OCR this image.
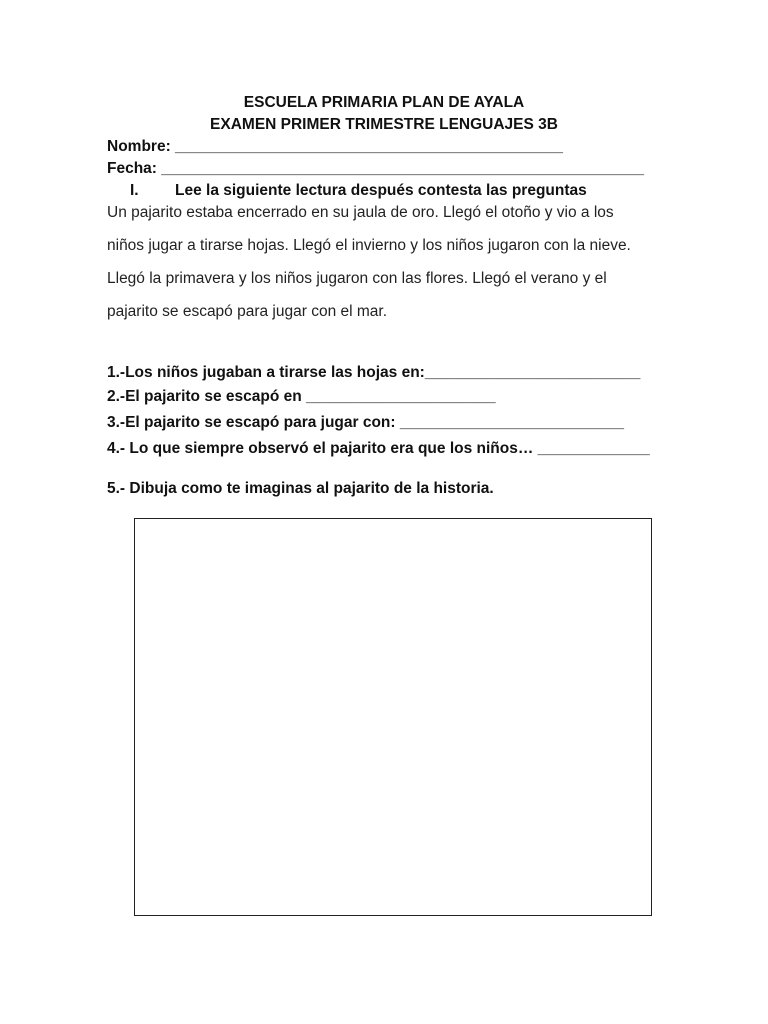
ESCUELA PRIMARIA PLAN DE AYALA
EXAMEN PRIMER TRIMESTRE LENGUAJES 3B
Nombre: _____________________________________________
Fecha: ________________________________________________________
I. Lee la siguiente lectura después contesta las preguntas
Un pajarito estaba encerrado en su jaula de oro. Llegó el otoño y vio a los
niños jugar a tirarse hojas. Llegó el invierno y los niños jugaron con la nieve.
Llegó la primavera y los niños jugaron con las flores. Llegó el verano y el
pajarito se escapó para jugar con el mar.
1.-Los niños jugaban a tirarse las hojas en:_________________________
2.-El pajarito se escapó en ______________________
3.-El pajarito se escapó para jugar con: __________________________
4.- Lo que siempre observó el pajarito era que los niños… _____________
5.- Dibuja como te imaginas al pajarito de la historia.
